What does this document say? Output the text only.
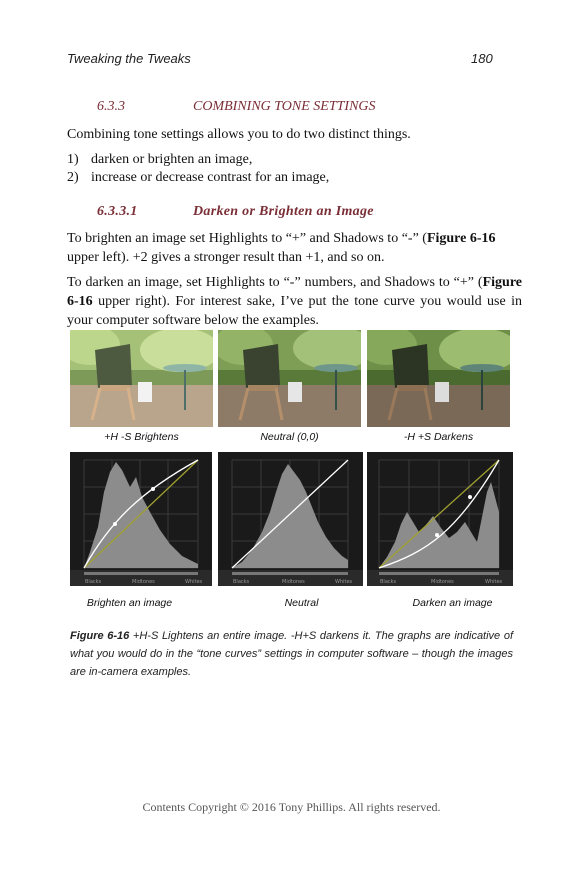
Tweaking the Tweaks	180
6.3.3	COMBINING TONE SETTINGS
Combining tone settings allows you to do two distinct things.
1) darken or brighten an image,
2) increase or decrease contrast for an image,
6.3.3.1	Darken or Brighten an Image
To brighten an image set Highlights to “+” and Shadows to “-” (Figure 6-16
upper left). +2 gives a stronger result than +1, and so on.
To darken an image, set Highlights to “-” numbers, and Shadows to “+” (Figure 6-16 upper right). For interest sake, I’ve put the tone curve you would use in your computer software below the examples.
+H -S Brightens	Neutral (0,0)	-H +S Darkens
Blacks	Midtones	Whites	Blacks	Midtones	Whites	Blacks	Midtones	Whites
Brighten an image	Neutral	Darken an image
Figure 6-16 +H-S Lightens an entire image. -H+S darkens it. The graphs are indicative of what you would do in the “tone curves” settings in computer software – though the images are in-camera examples.
Contents Copyright © 2016 Tony Phillips. All rights reserved.
